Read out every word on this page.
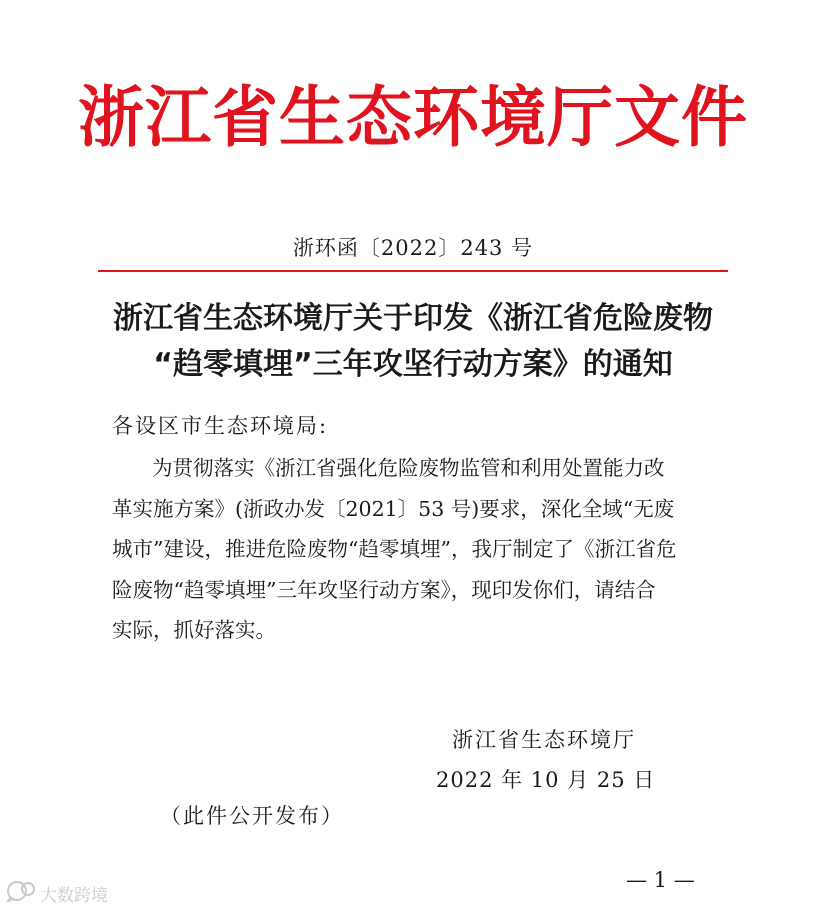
浙江省生态环境厅文件
浙环函〔2022〕243 号
浙江省生态环境厅关于印发《浙江省危险废物
“趋零填埋”三年攻坚行动方案》的通知
各设区市生态环境局:
为贯彻落实《浙江省强化危险废物监管和利用处置能力改
革实施方案》(浙政办发〔2021〕53 号)要求，深化全域“无废
城市”建设，推进危险废物“趋零填埋”，我厅制定了《浙江省危
险废物“趋零填埋”三年攻坚行动方案》，现印发你们，请结合
实际，抓好落实。
浙江省生态环境厅
2022 年 10 月 25 日
（此件公开发布）
— 1 —
大数跨境
